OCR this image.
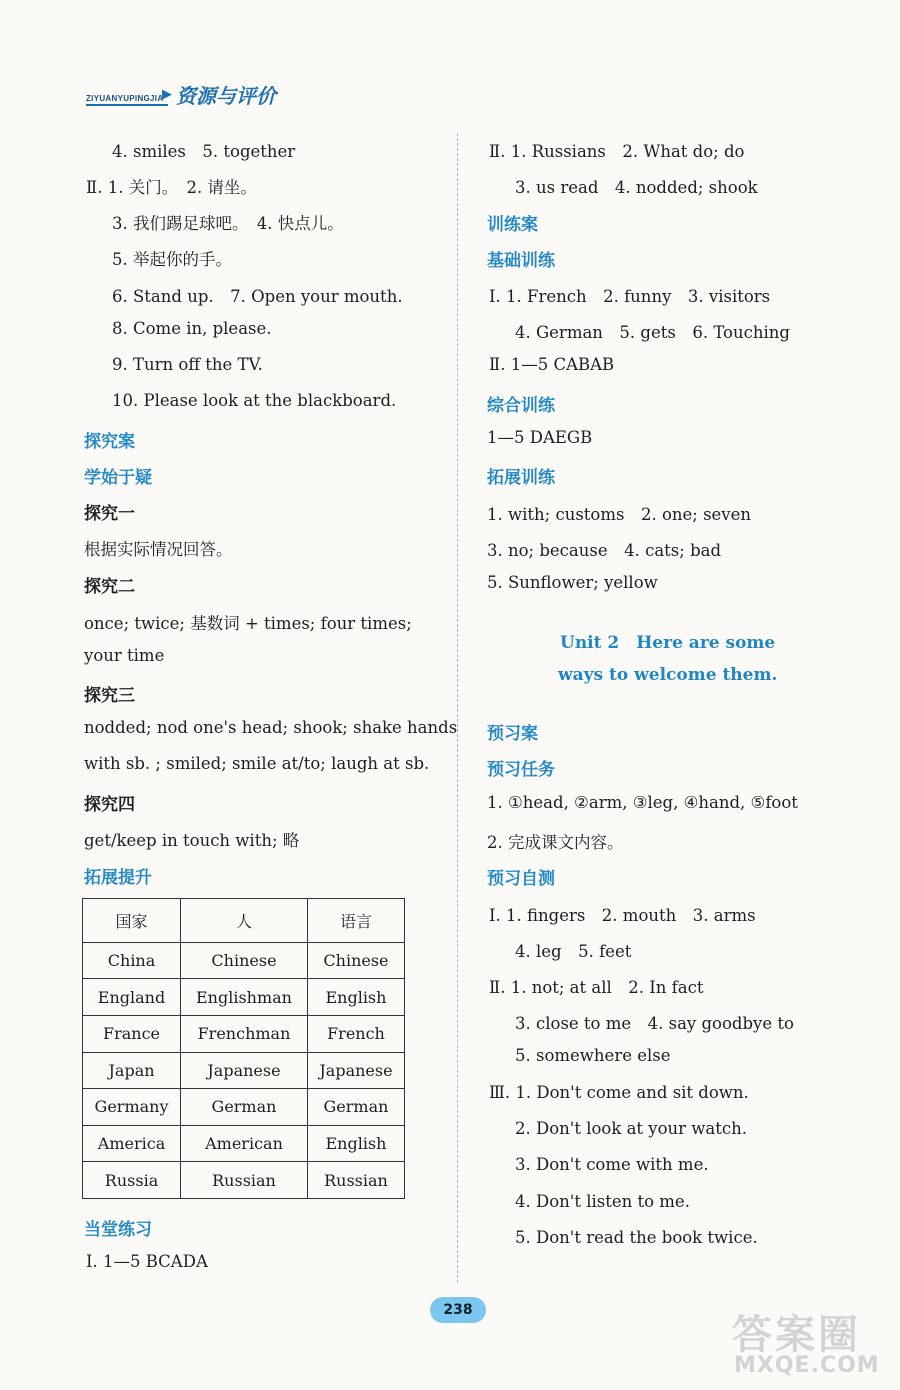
ZIYUANYUPINGJIA
▶ 资源与评价
4. smiles　5. together
Ⅱ. 1. 关门。　2. 请坐。
3. 我们踢足球吧。　4. 快点儿。
5. 举起你的手。
6. Stand up.　7. Open your mouth.
8. Come in, please.
9. Turn off the TV.
10. Please look at the blackboard.
探究案
学始于疑
探究一
根据实际情况回答。
探究二
once; twice; 基数词 + times; four times;
your time
探究三
nodded; nod one's head; shook; shake hands
with sb. ; smiled; smile at/to; laugh at sb.
探究四
get/keep in touch with; 略
拓展提升
国家	人	语言
China	Chinese	Chinese
England	Englishman	English
France	Frenchman	French
Japan	Japanese	Japanese
Germany	German	German
America	American	English
Russia	Russian	Russian
当堂练习
Ⅰ. 1—5 BCADA
Ⅱ. 1. Russians　2. What do; do
3. us read　4. nodded; shook
训练案
基础训练
Ⅰ. 1. French　2. funny　3. visitors
4. German　5. gets　6. Touching
Ⅱ. 1—5 CABAB
综合训练
1—5 DAEGB
拓展训练
1. with; customs　2. one; seven
3. no; because　4. cats; bad
5. Sunflower; yellow
Unit 2　Here are some
ways to welcome them.
预习案
预习任务
1. ①head, ②arm, ③leg, ④hand, ⑤foot
2. 完成课文内容。
预习自测
Ⅰ. 1. fingers　2. mouth　3. arms
4. leg　5. feet
Ⅱ. 1. not; at all　2. In fact
3. close to me　4. say goodbye to
5. somewhere else
Ⅲ. 1. Don't come and sit down.
2. Don't look at your watch.
3. Don't come with me.
4. Don't listen to me.
5. Don't read the book twice.
238
答案圈
MXQE.COM
